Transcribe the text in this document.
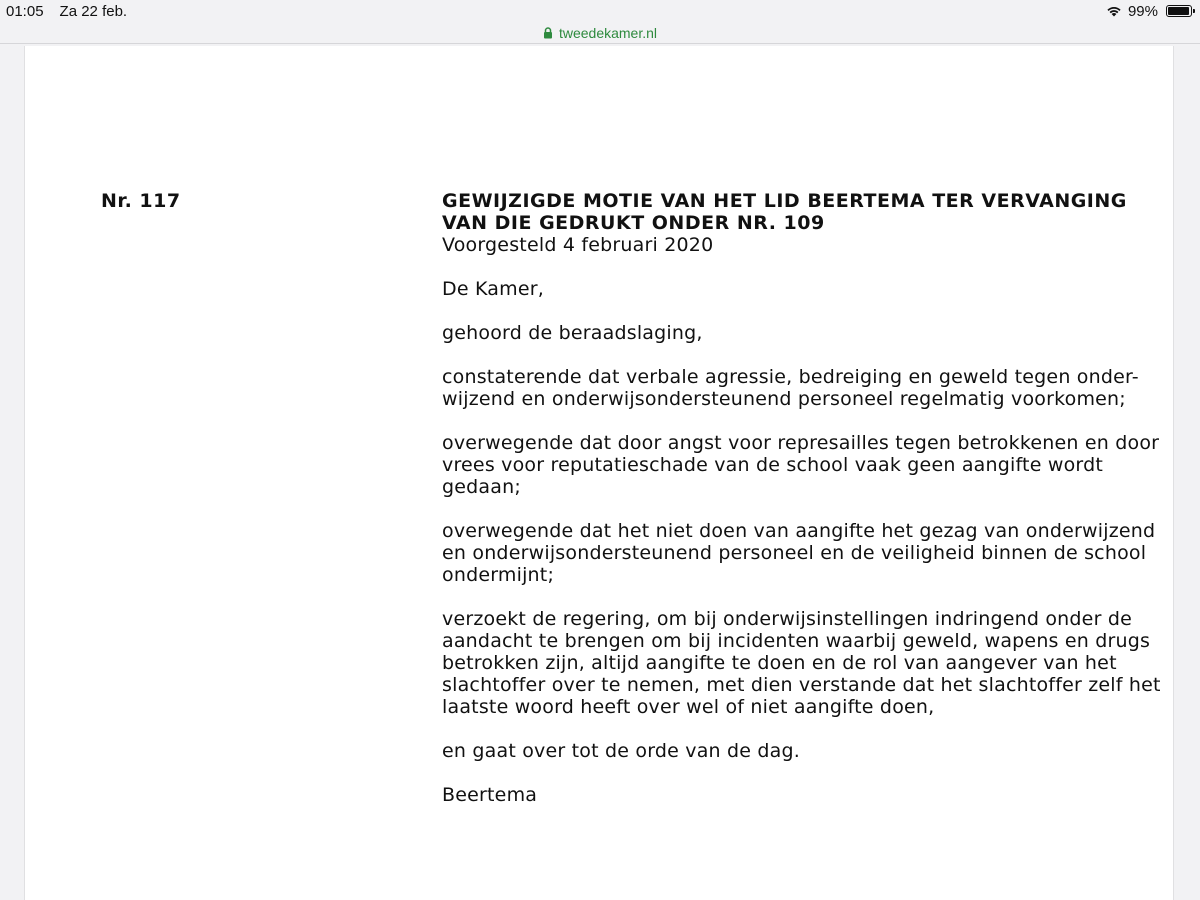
01:05 Za 22 feb.	99%
tweedekamer.nl
Nr. 117	GEWIJZIGDE MOTIE VAN HET LID BEERTEMA TER VERVANGING
VAN DIE GEDRUKT ONDER NR. 109
Voorgesteld 4 februari 2020
De Kamer,
gehoord de beraadslaging,
constaterende dat verbale agressie, bedreiging en geweld tegen onder-
wijzend en onderwijsondersteunend personeel regelmatig voorkomen;
overwegende dat door angst voor represailles tegen betrokkenen en door
vrees voor reputatieschade van de school vaak geen aangifte wordt
gedaan;
overwegende dat het niet doen van aangifte het gezag van onderwijzend
en onderwijsondersteunend personeel en de veiligheid binnen de school
ondermijnt;
verzoekt de regering, om bij onderwijsinstellingen indringend onder de
aandacht te brengen om bij incidenten waarbij geweld, wapens en drugs
betrokken zijn, altijd aangifte te doen en de rol van aangever van het
slachtoffer over te nemen, met dien verstande dat het slachtoffer zelf het
laatste woord heeft over wel of niet aangifte doen,
en gaat over tot de orde van de dag.
Beertema
